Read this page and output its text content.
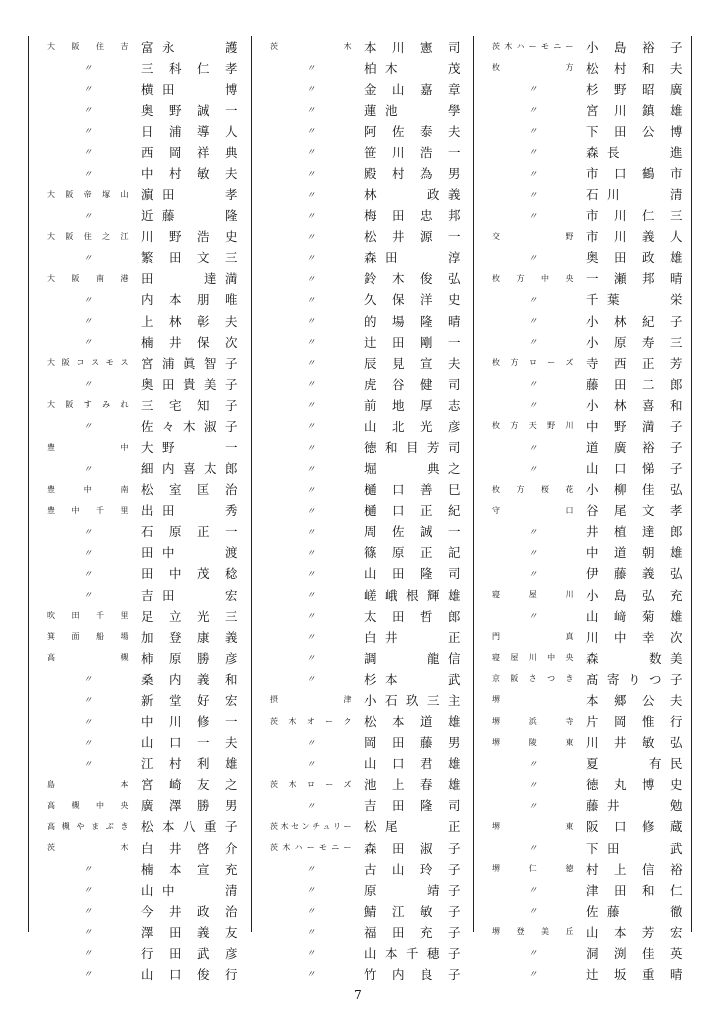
大阪住吉 富永　　護
〃	三科仁孝
〃	横田　　博
〃	奥野誠一
〃	日浦導人
〃	西岡祥典
〃	中村敏夫
大阪帝塚山 濵田　　孝
〃	近藤　　隆
大阪住之江 川野浩史
〃	繁田文三
大阪南港 田　　達満
〃	内本朋唯
〃	上林彰夫
〃	楠井保次
大阪コスモス 宮浦眞智子
〃	奥田貴美子
大阪すみれ 三宅知子
〃	佐々木淑子
豊中 大野　　一
〃	細内喜太郎
豊中南 松室匡治
豊中千里 出田　　秀
〃	石原正一
〃	田中　　渡
〃	田中茂稔
〃	吉田　　宏
吹田千里 足立光三
箕面船場 加登康義
高槻 柿原勝彦
〃	桑内義和
〃	新堂好宏
〃	中川修一
〃	山口一夫
〃	江村利雄
島本 宮崎友之
高槻中央 廣澤勝男
高槻やまぶき 松本八重子
茨木 白井啓介
〃	楠本宣充
〃	山中　　清
〃	今井政治
〃	澤田義友
〃	行田武彦
〃	山口俊行
茨木 本川憲司
〃	柏木　　茂
〃	金山嘉章
〃	蓮池　　學
〃	阿佐泰夫
〃	笹川浩一
〃	殿村為男
〃	林　　政義
〃	梅田忠邦
〃	松井源一
〃	森田　　淳
〃	鈴木俊弘
〃	久保洋史
〃	的場隆晴
〃	辻田剛一
〃	辰見宣夫
〃	虎谷健司
〃	前地厚志
〃	山北光彦
〃	徳和目芳司
〃	堀　　典之
〃	樋口善巳
〃	樋口正紀
〃	周佐誠一
〃	篠原正記
〃	山田隆司
〃	嵯峨根輝雄
〃	太田哲郎
〃	白井　　正
〃	調　　龍信
〃	杉本　　武
摂津 小石玖三主
茨木オーク 松本道雄
〃	岡田藤男
〃	山口君雄
茨木ローズ 池上春雄
〃	吉田隆司
茨木センチュリー 松尾　　正
茨木ハーモニー 森田淑子
〃	古山玲子
〃	原　　靖子
〃	鯖江敏子
〃	福田充子
〃	山本千穂子
〃	竹内良子
茨木ハーモニー 小島裕子
枚方 松村和夫
〃	杉野昭廣
〃	宮川鎮雄
〃	下田公博
〃	森長　　進
〃	市口鶴市
〃	石川　　清
〃	市川仁三
交野 市川義人
〃	奥田政雄
枚方中央 一瀬邦晴
〃	千葉　　栄
〃	小林紀子
〃	小原寿三
枚方ローズ 寺西正芳
〃	藤田二郎
〃	小林喜和
枚方天野川 中野満子
〃	道廣裕子
〃	山口悌子
枚方桜花 小柳佳弘
守口 谷尾文孝
〃	井植達郎
〃	中道朝雄
〃	伊藤義弘
寝屋川 小島弘充
〃	山﨑菊雄
門真 川中幸次
寝屋川中央 森　　数美
京阪さつき 髙寄りつ子
堺	本郷公夫
堺浜寺 片岡惟行
堺陵東 川井敏弘
〃	夏　　有民
〃	徳丸博史
〃	藤井　　勉
堺東 阪口修蔵
〃	下田　　武
堺仁徳 村上信裕
〃	津田和仁
〃	佐藤　　徹
堺登美丘 山本芳宏
〃	洞渕佳英
〃	辻坂重晴
7
